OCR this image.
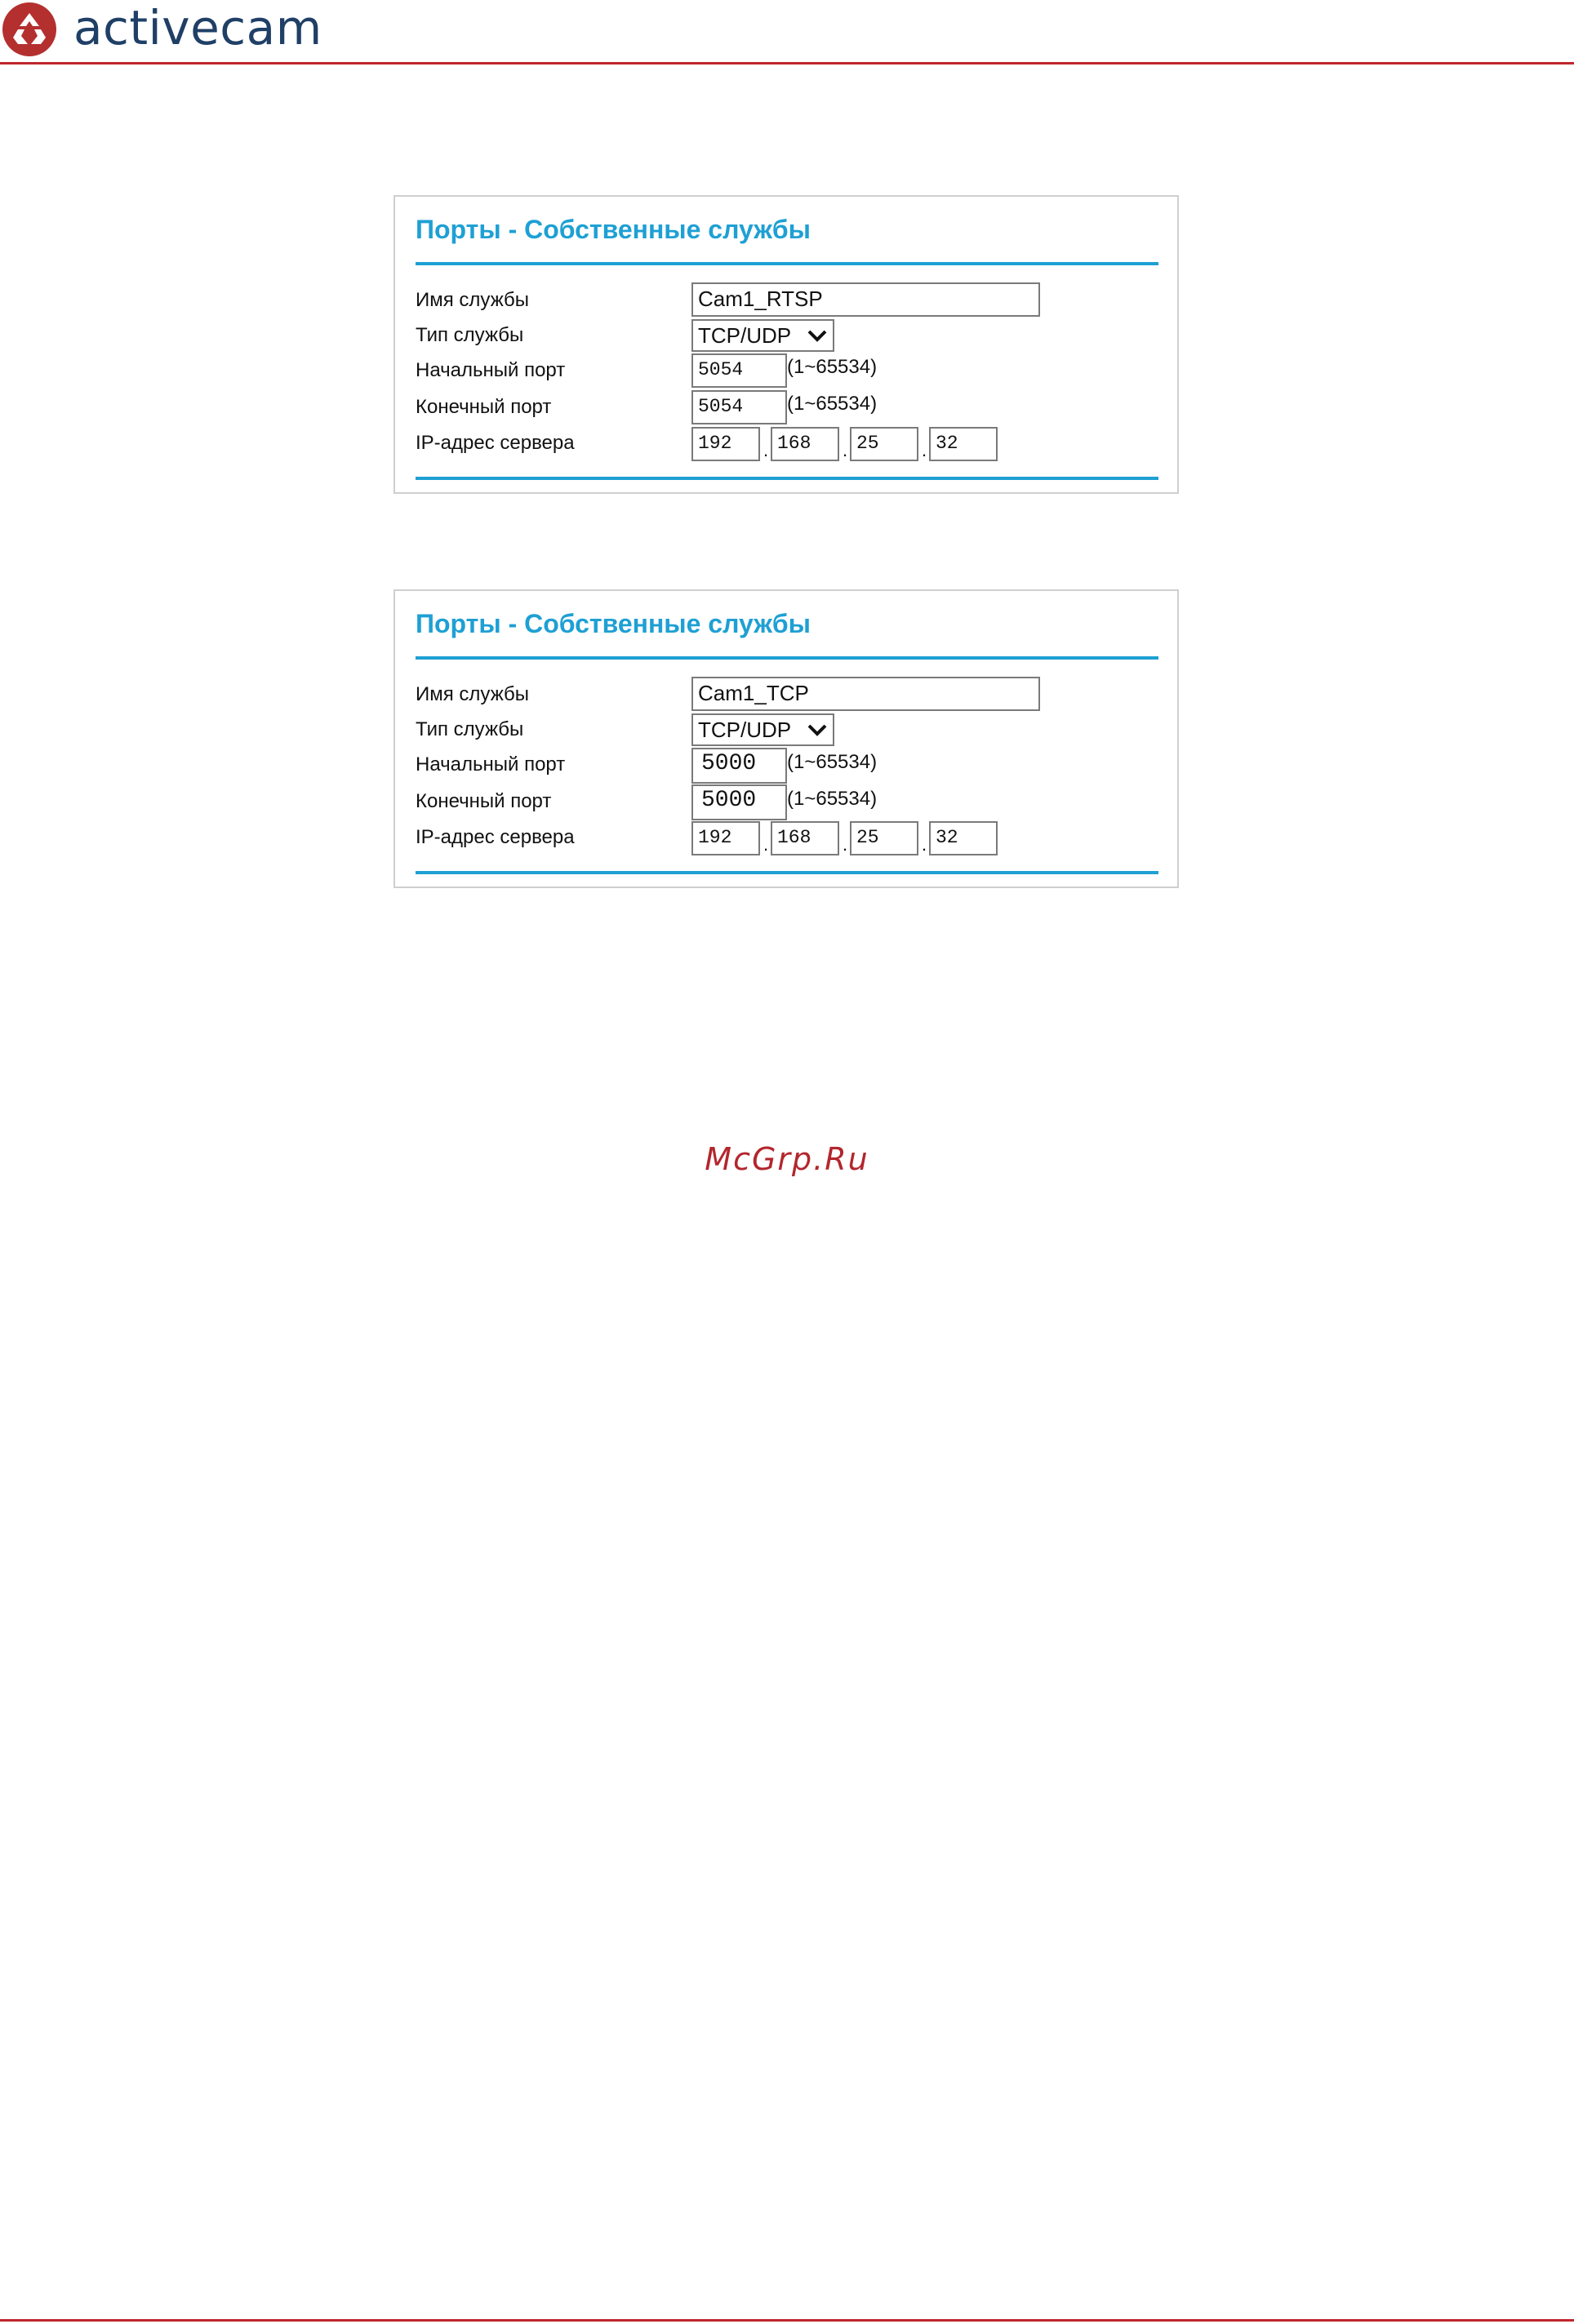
activecam
Порты - Собственные службы
Имя службы	Cam1_RTSP
Тип службы	TCP/UDP
Начальный порт	5054	(1~65534)
Конечный порт	5054	(1~65534)
IP-адрес сервера	192	. 168	. 25	. 32
Порты - Собственные службы
Имя службы	Cam1_TCP
Тип службы	TCP/UDP
Начальный порт	5000	(1~65534)
Конечный порт	5000	(1~65534)
IP-адрес сервера	192	. 168	. 25	. 32
McGrp.Ru
